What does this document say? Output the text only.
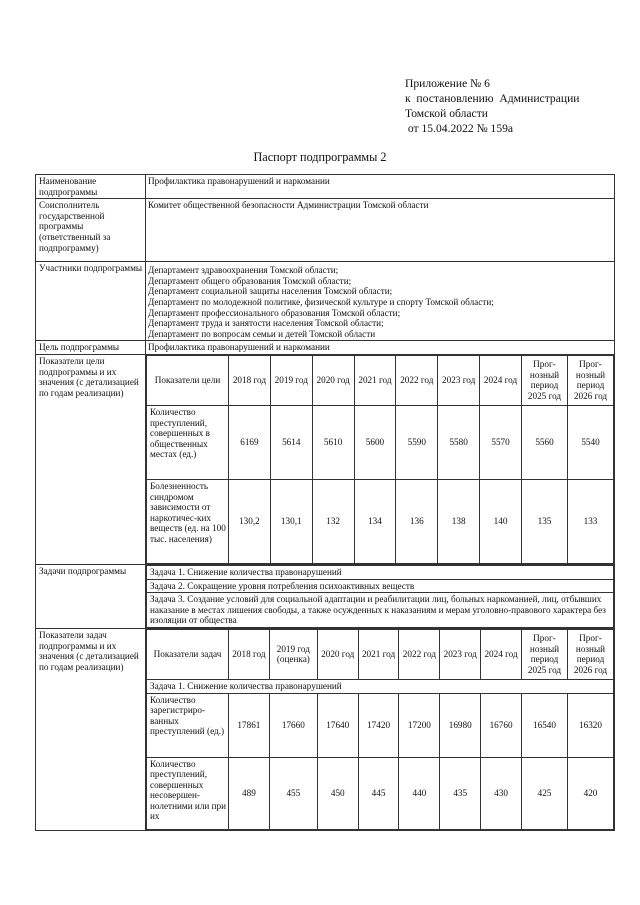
Приложение № 6
к  постановлению  Администрации
Томской области
от 15.04.2022 № 159а
Паспорт подпрограммы 2
Наименование подпрограммы	Профилактика правонарушений и наркомании
Соисполнитель государственной программы (ответственный за подпрограмму)	Комитет общественной безопасности Администрации Томской области
Участники подпрограммы	Департамент здравоохранения Томской области;
Департамент общего образования Томской области;
Департамент социальной защиты населения Томской области;
Департамент по молодежной политике, физической культуре и спорту Томской области;
Департамент профессионального образования Томской области;
Департамент труда и занятости населения Томской области;
Департамент по вопросам семьи и детей Томской области

Цель подпрограммы	Профилактика правонарушений и наркомании
Показатели цели подпрограммы и их значения (с детализацией по годам реализации)	
Показатели цели	2018 год	2019 год	2020 год	2021 год	2022 год	2023 год	2024 год	Прог-нозный период 2025 год	Прог-нозный период 2026 год
Количество преступлений, совершенных в общественных местах (ед.)	6169	5614	5610	5600	5590	5580	5570	5560	5540
Болезненность синдромом зависимости от наркотичес-ких веществ (ед. на 100 тыс. населения)	130,2	130,1	132	134	136	138	140	135	133

Задачи подпрограммы		Задача 1. Снижение количества правонарушений
Задача 2. Сокращение уровня потребления психоактивных веществ
Задача 3. Создание условий для социальной адаптации и реабилитации лиц, больных наркоманией, лиц, отбывших наказание в местах лишения свободы, а также осужденных к наказаниям и мерам уголовно-правового характера без изоляции от общества

Показатели задач подпрограммы и их значения (с детализацией по годам реализации)	
Показатели задач	2018 год	2019 год (оценка)	2020 год	2021 год	2022 год	2023 год	2024 год	Прог-нозный период 2025 год	Прог-нозный период 2026 год
Задача 1. Снижение количества правонарушений
Количество зарегистриро-ванных преступлений (ед.)	17861	17660	17640	17420	17200	16980	16760	16540	16320
Количество преступлений, совершенных несовершен-нолетними или при их	489	455	450	445	440	435	430	425	420
